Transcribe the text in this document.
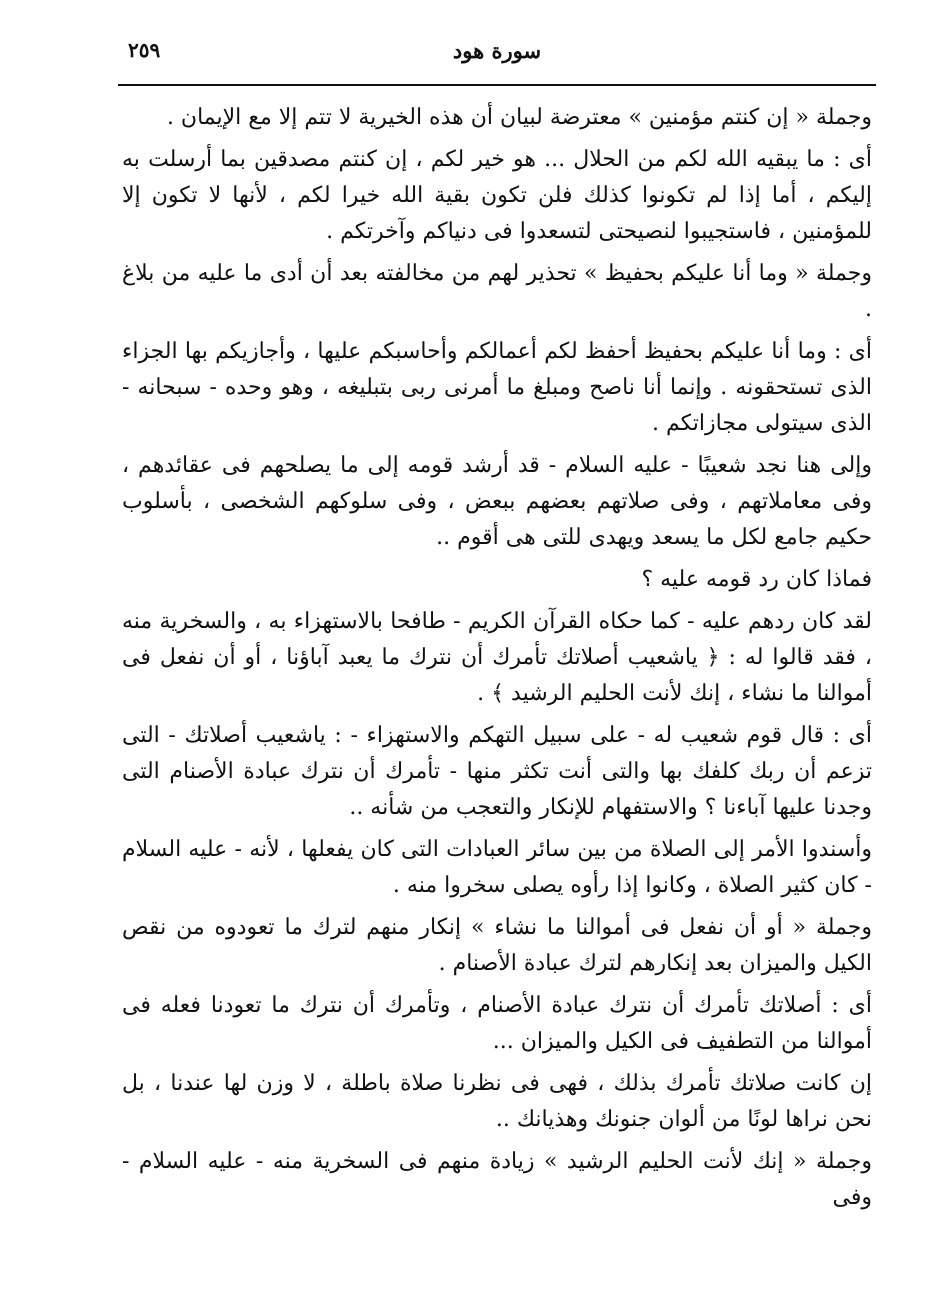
٢٥٩	سورة هود

وجملة « إن كنتم مؤمنين » معترضة لبيان أن هذه الخيرية لا تتم إلا مع الإيمان .

أى : ما يبقيه الله لكم من الحلال ... هو خير لكم ، إن كنتم مصدقين بما أرسلت به إليكم ، أما إذا لم تكونوا كذلك فلن تكون بقية الله خيرا لكم ، لأنها لا تكون إلا للمؤمنين ، فاستجيبوا لنصيحتى لتسعدوا فى دنياكم وآخرتكم .

وجملة « وما أنا عليكم بحفيظ » تحذير لهم من مخالفته بعد أن أدى ما عليه من بلاغ .

أى : وما أنا عليكم بحفيظ أحفظ لكم أعمالكم وأحاسبكم عليها ، وأجازيكم بها الجزاء الذى تستحقونه . وإنما أنا ناصح ومبلغ ما أمرنى ربى بتبليغه ، وهو وحده - سبحانه - الذى سيتولى مجازاتكم .

وإلى هنا نجد شعيبًا - عليه السلام - قد أرشد قومه إلى ما يصلحهم فى عقائدهم ، وفى معاملاتهم ، وفى صلاتهم بعضهم ببعض ، وفى سلوكهم الشخصى ، بأسلوب حكيم جامع لكل ما يسعد ويهدى للتى هى أقوم ..

فماذا كان رد قومه عليه ؟

لقد كان ردهم عليه - كما حكاه القرآن الكريم - طافحا بالاستهزاء به ، والسخرية منه ، فقد قالوا له : ﴿ ياشعيب أصلاتك تأمرك أن نترك ما يعبد آباؤنا ، أو أن نفعل فى أموالنا ما نشاء ، إنك لأنت الحليم الرشيد ﴾ .

أى : قال قوم شعيب له - على سبيل التهكم والاستهزاء - : ياشعيب أصلاتك - التى تزعم أن ربك كلفك بها والتى أنت تكثر منها - تأمرك أن نترك عبادة الأصنام التى وجدنا عليها آباءنا ؟ والاستفهام للإنكار والتعجب من شأنه ..

وأسندوا الأمر إلى الصلاة من بين سائر العبادات التى كان يفعلها ، لأنه - عليه السلام - كان كثير الصلاة ، وكانوا إذا رأوه يصلى سخروا منه .

وجملة « أو أن نفعل فى أموالنا ما نشاء » إنكار منهم لترك ما تعودوه من نقص الكيل والميزان بعد إنكارهم لترك عبادة الأصنام .

أى : أصلاتك تأمرك أن نترك عبادة الأصنام ، وتأمرك أن نترك ما تعودنا فعله فى أموالنا من التطفيف فى الكيل والميزان ...

إن كانت صلاتك تأمرك بذلك ، فهى فى نظرنا صلاة باطلة ، لا وزن لها عندنا ، بل نحن نراها لونًا من ألوان جنونك وهذيانك ..

وجملة « إنك لأنت الحليم الرشيد » زيادة منهم فى السخرية منه - عليه السلام - وفى
